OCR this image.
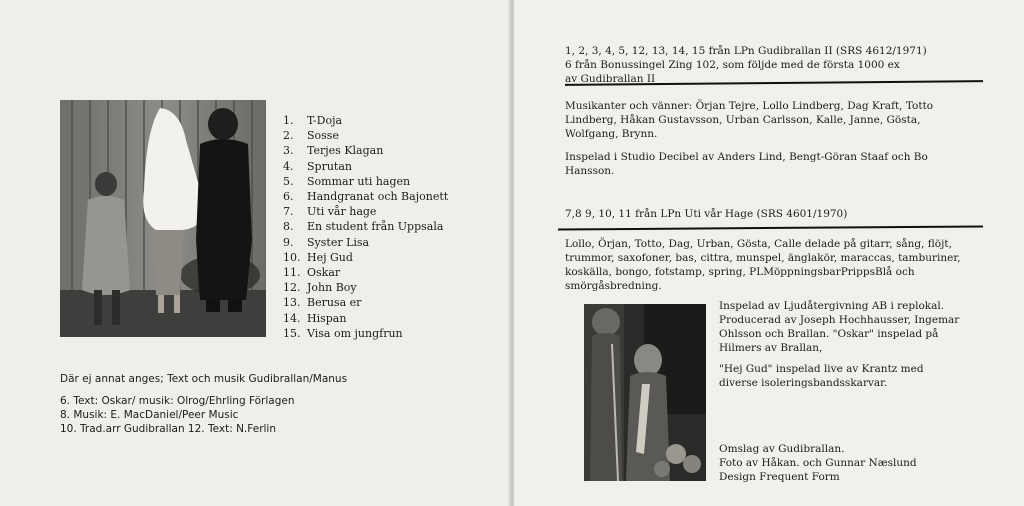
1.	T-Doja
2.	Sosse
3.	Terjes Klagan
4.	Sprutan
5.	Sommar uti hagen
6.	Handgranat och Bajonett
7.	Uti vår hage
8.	En student från Uppsala
9.	Syster Lisa
10. Hej Gud
11. Oskar
12. John Boy
13. Berusa er
14. Hispan
15. Visa om jungfrun
Där ej annat anges; Text och musik Gudibrallan/Manus
6. Text: Oskar/ musik: Olrog/Ehrling Förlagen
8. Musik: E. MacDaniel/Peer Music
10. Trad.arr Gudibrallan 12. Text: N.Ferlin
1, 2, 3, 4, 5, 12, 13, 14, 15 från LPn Gudibrallan II (SRS 4612/1971)
6 från Bonussingel Zing 102, som följde med de första 1000 ex
av Gudibrallan II
Musikanter och vänner: Örjan Tejre, Lollo Lindberg, Dag Kraft, Totto
Lindberg, Håkan Gustavsson, Urban Carlsson, Kalle, Janne, Gösta,
Wolfgang, Brynn.
Inspelad i Studio Decibel av Anders Lind, Bengt-Göran Staaf och Bo
Hansson.
7,8 9, 10, 11 från LPn Uti vår Hage (SRS 4601/1970)
Lollo, Örjan, Totto, Dag, Urban, Gösta, Calle delade på gitarr, sång, flöjt,
trummor, saxofoner, bas, cittra, munspel, änglakör, maraccas, tamburiner,
koskälla, bongo, fotstamp, spring, PLMöppningsbarPrippsBlå och
smörgåsbredning.
Inspelad av Ljudåtergivning AB i replokal.
Producerad av Joseph Hochhausser, Ingemar
Ohlsson och Brallan. "Oskar" inspelad på
Hilmers av Brallan,
"Hej Gud" inspelad live av Krantz med
diverse isoleringsbandsskarvar.
Omslag av Gudibrallan.
Foto av Håkan. och Gunnar Næslund
Design Frequent Form
